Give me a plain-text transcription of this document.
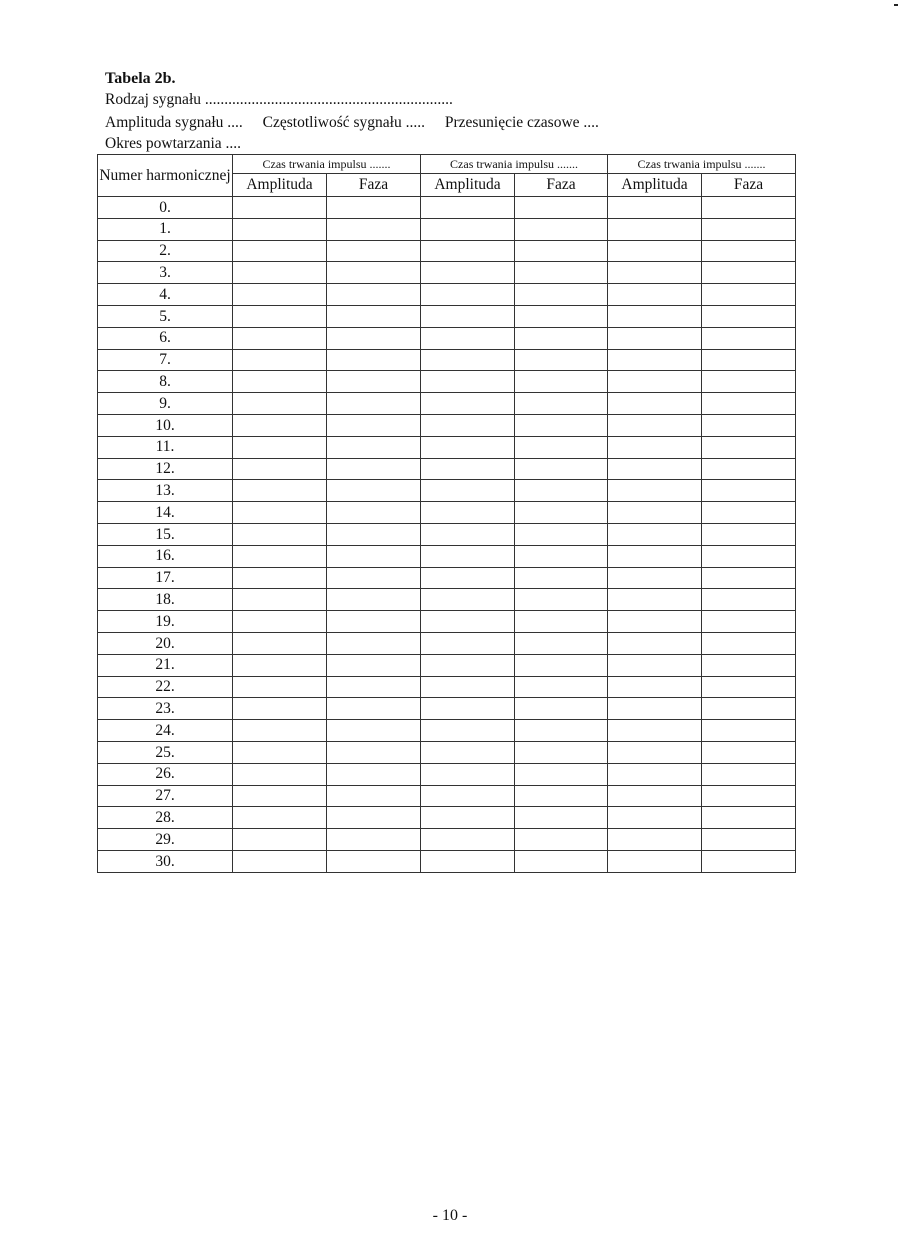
Tabela 2b.
Rodzaj sygnału ................................................................
Amplituda sygnału .... Częstotliwość sygnału ..... Przesunięcie czasowe ....
Okres powtarzania ....
Numer harmonicznej	Czas trwania impulsu .......		Czas trwania impulsu .......		Czas trwania impulsu .......	
	Amplituda	Faza	Amplituda	Faza	Amplituda	Faza
0.						
1.						
2.						
3.						
4.						
5.						
6.						
7.						
8.						
9.						
10.						
11.						
12.						
13.						
14.						
15.						
16.						
17.						
18.						
19.						
20.						
21.						
22.						
23.						
24.						
25.						
26.						
27.						
28.						
29.						
30.						
- 10 -
